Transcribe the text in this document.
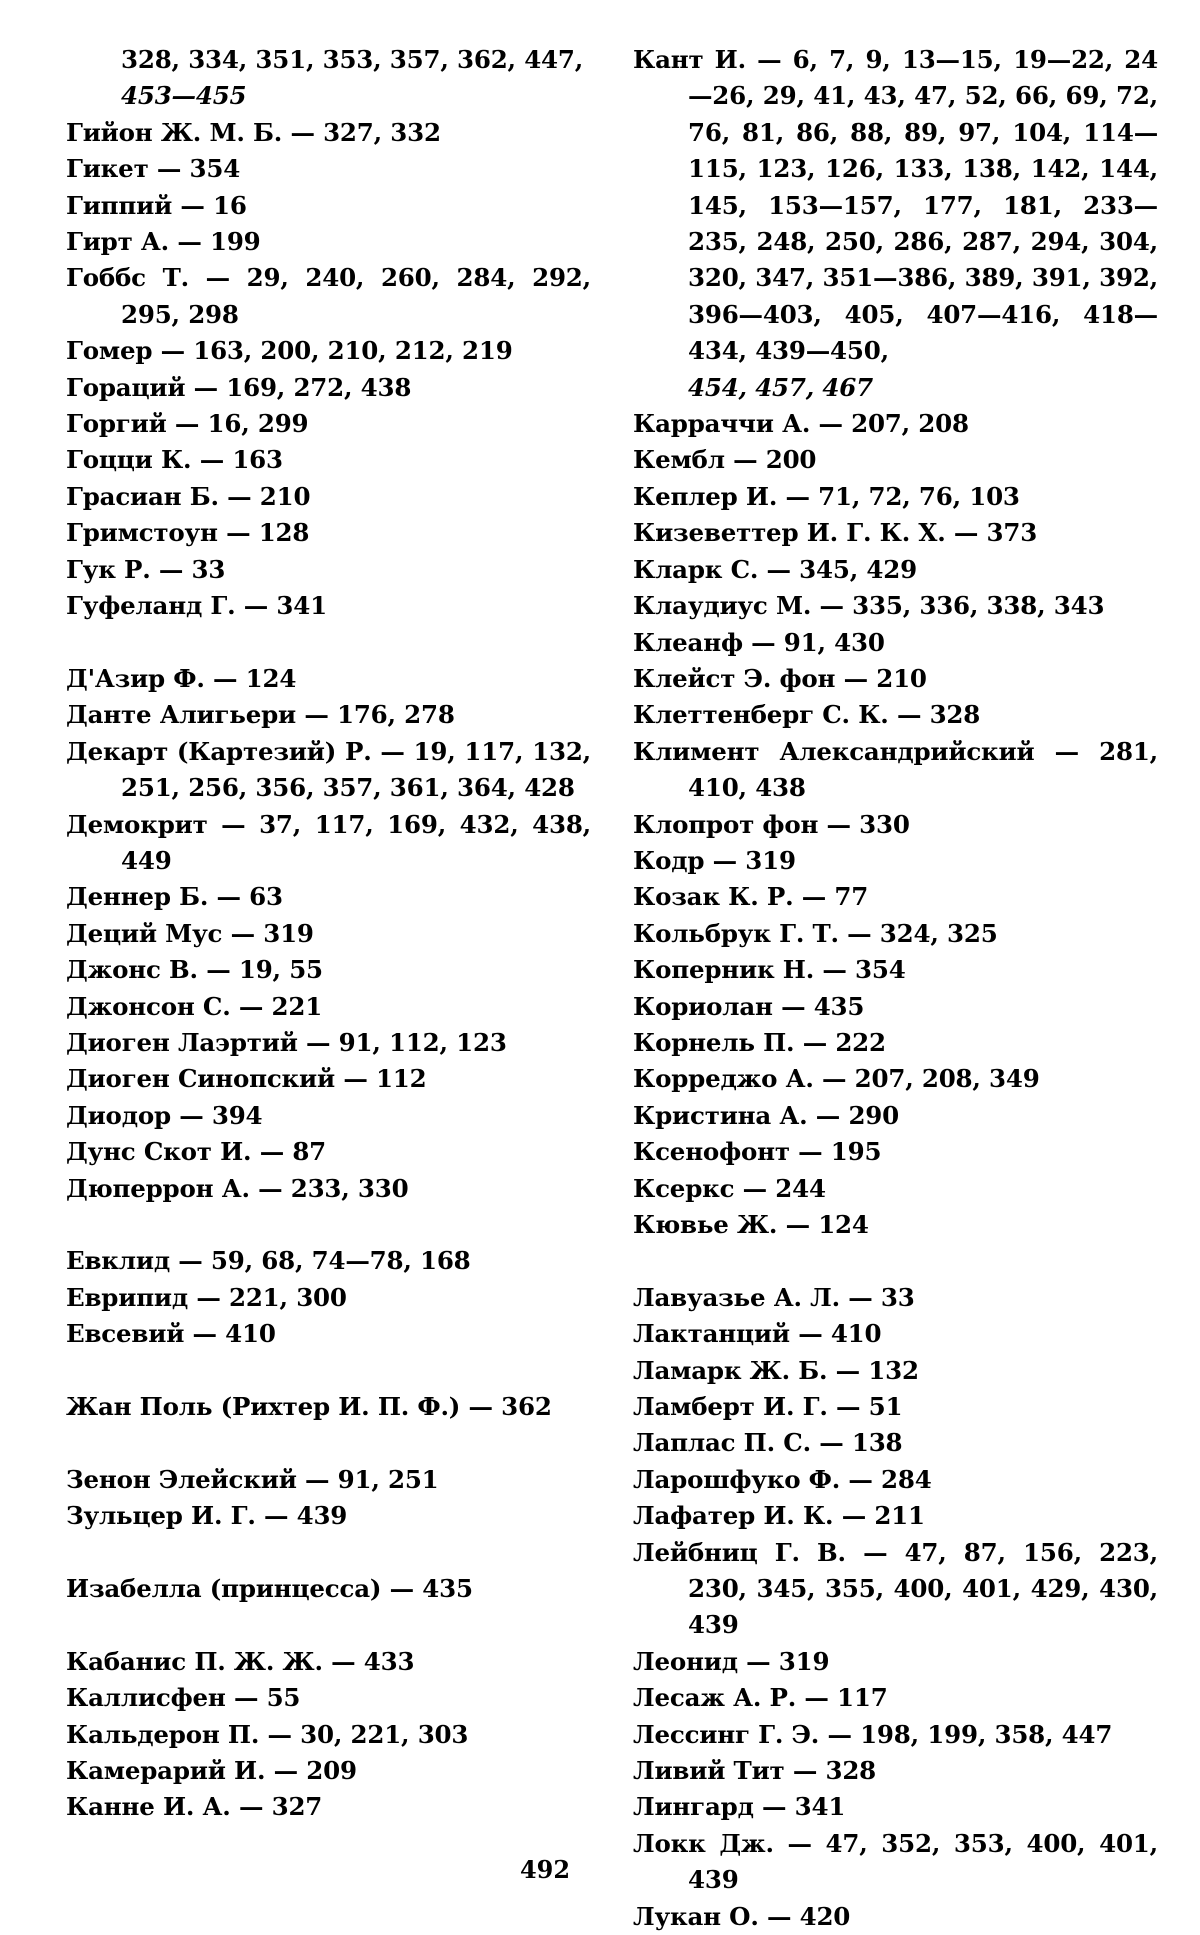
328, 334, 351, 353, 357, 362, 447,
453—455
Гийон Ж. М. Б. — 327, 332
Гикет — 354
Гиппий — 16
Гирт А. — 199
Гоббс Т. — 29, 240, 260, 284, 292, 295, 298
Гомер — 163, 200, 210, 212, 219
Гораций — 169, 272, 438
Горгий — 16, 299
Гоцци К. — 163
Грасиан Б. — 210
Гримстоун — 128
Гук Р. — 33
Гуфеланд Г. — 341
Д'Азир Ф. — 124
Данте Алигьери — 176, 278
Декарт (Картезий) Р. — 19, 117, 132, 251, 256, 356, 357, 361, 364, 428
Демокрит — 37, 117, 169, 432, 438, 449
Деннер Б. — 63
Деций Мус — 319
Джонс В. — 19, 55
Джонсон С. — 221
Диоген Лаэртий — 91, 112, 123
Диоген Синопский — 112
Диодор — 394
Дунс Скот И. — 87
Дюперрон А. — 233, 330
Евклид — 59, 68, 74—78, 168
Еврипид — 221, 300
Евсевий — 410
Жан Поль (Рихтер И. П. Ф.) — 362
Зенон Элейский — 91, 251
Зульцер И. Г. — 439
Изабелла (принцесса) — 435
Кабанис П. Ж. Ж. — 433
Каллисфен — 55
Кальдерон П. — 30, 221, 303
Камерарий И. — 209
Канне И. А. — 327
Кант И. — 6, 7, 9, 13—15, 19—22, 24—26, 29, 41, 43, 47, 52, 66, 69, 72, 76, 81, 86, 88, 89, 97, 104, 114—115, 123, 126, 133, 138, 142, 144, 145, 153—157, 177, 181, 233—235, 248, 250, 286, 287, 294, 304, 320, 347, 351—386, 389, 391, 392, 396—403, 405, 407—416, 418—434, 439—450,
454, 457, 467
Карраччи А. — 207, 208
Кембл — 200
Кеплер И. — 71, 72, 76, 103
Кизеветтер И. Г. К. Х. — 373
Кларк С. — 345, 429
Клаудиус М. — 335, 336, 338, 343
Клеанф — 91, 430
Клейст Э. фон — 210
Клеттенберг С. К. — 328
Климент Александрийский — 281, 410, 438
Клопрот фон — 330
Кодр — 319
Козак К. Р. — 77
Кольбрук Г. Т. — 324, 325
Коперник Н. — 354
Кориолан — 435
Корнель П. — 222
Корреджо А. — 207, 208, 349
Кристина А. — 290
Ксенофонт — 195
Ксеркс — 244
Кювье Ж. — 124
Лавуазье А. Л. — 33
Лактанций — 410
Ламарк Ж. Б. — 132
Ламберт И. Г. — 51
Лаплас П. С. — 138
Ларошфуко Ф. — 284
Лафатер И. К. — 211
Лейбниц Г. В. — 47, 87, 156, 223, 230, 345, 355, 400, 401, 429, 430, 439
Леонид — 319
Лесаж А. Р. — 117
Лессинг Г. Э. — 198, 199, 358, 447
Ливий Тит — 328
Лингард — 341
Локк Дж. — 47, 352, 353, 400, 401, 439
Лукан О. — 420
492
